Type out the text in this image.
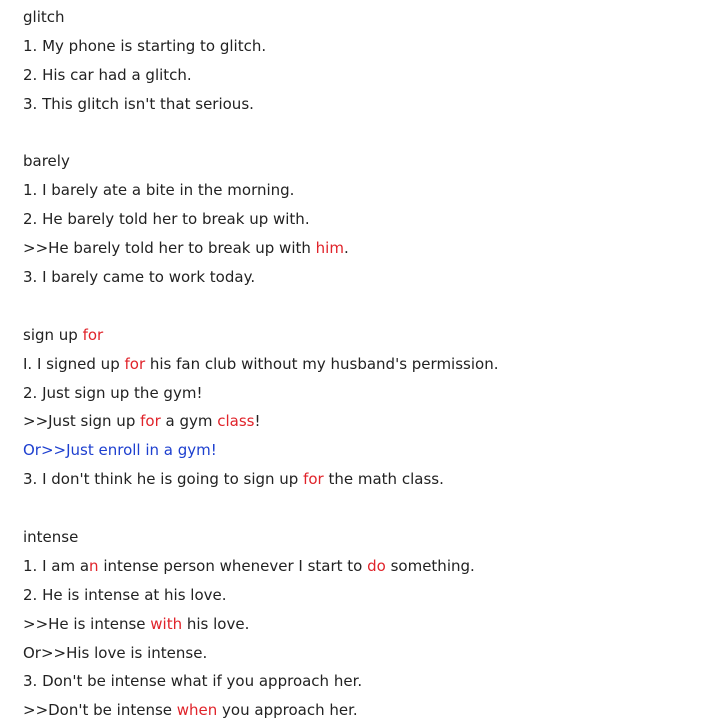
glitch
1. My phone is starting to glitch.
2. His car had a glitch.
3. This glitch isn't that serious.
barely
1. I barely ate a bite in the morning.
2. He barely told her to break up with.
>>He barely told her to break up with him.
3. I barely came to work today.
sign up for
I. I signed up for his fan club without my husband's permission.
2. Just sign up the gym!
>>Just sign up for a gym class!
Or>>Just enroll in a gym!
3. I don't think he is going to sign up for the math class.
intense
1. I am an intense person whenever I start to do something.
2. He is intense at his love.
>>He is intense with his love.
Or>>His love is intense.
3. Don't be intense what if you approach her.
>>Don't be intense when you approach her.
